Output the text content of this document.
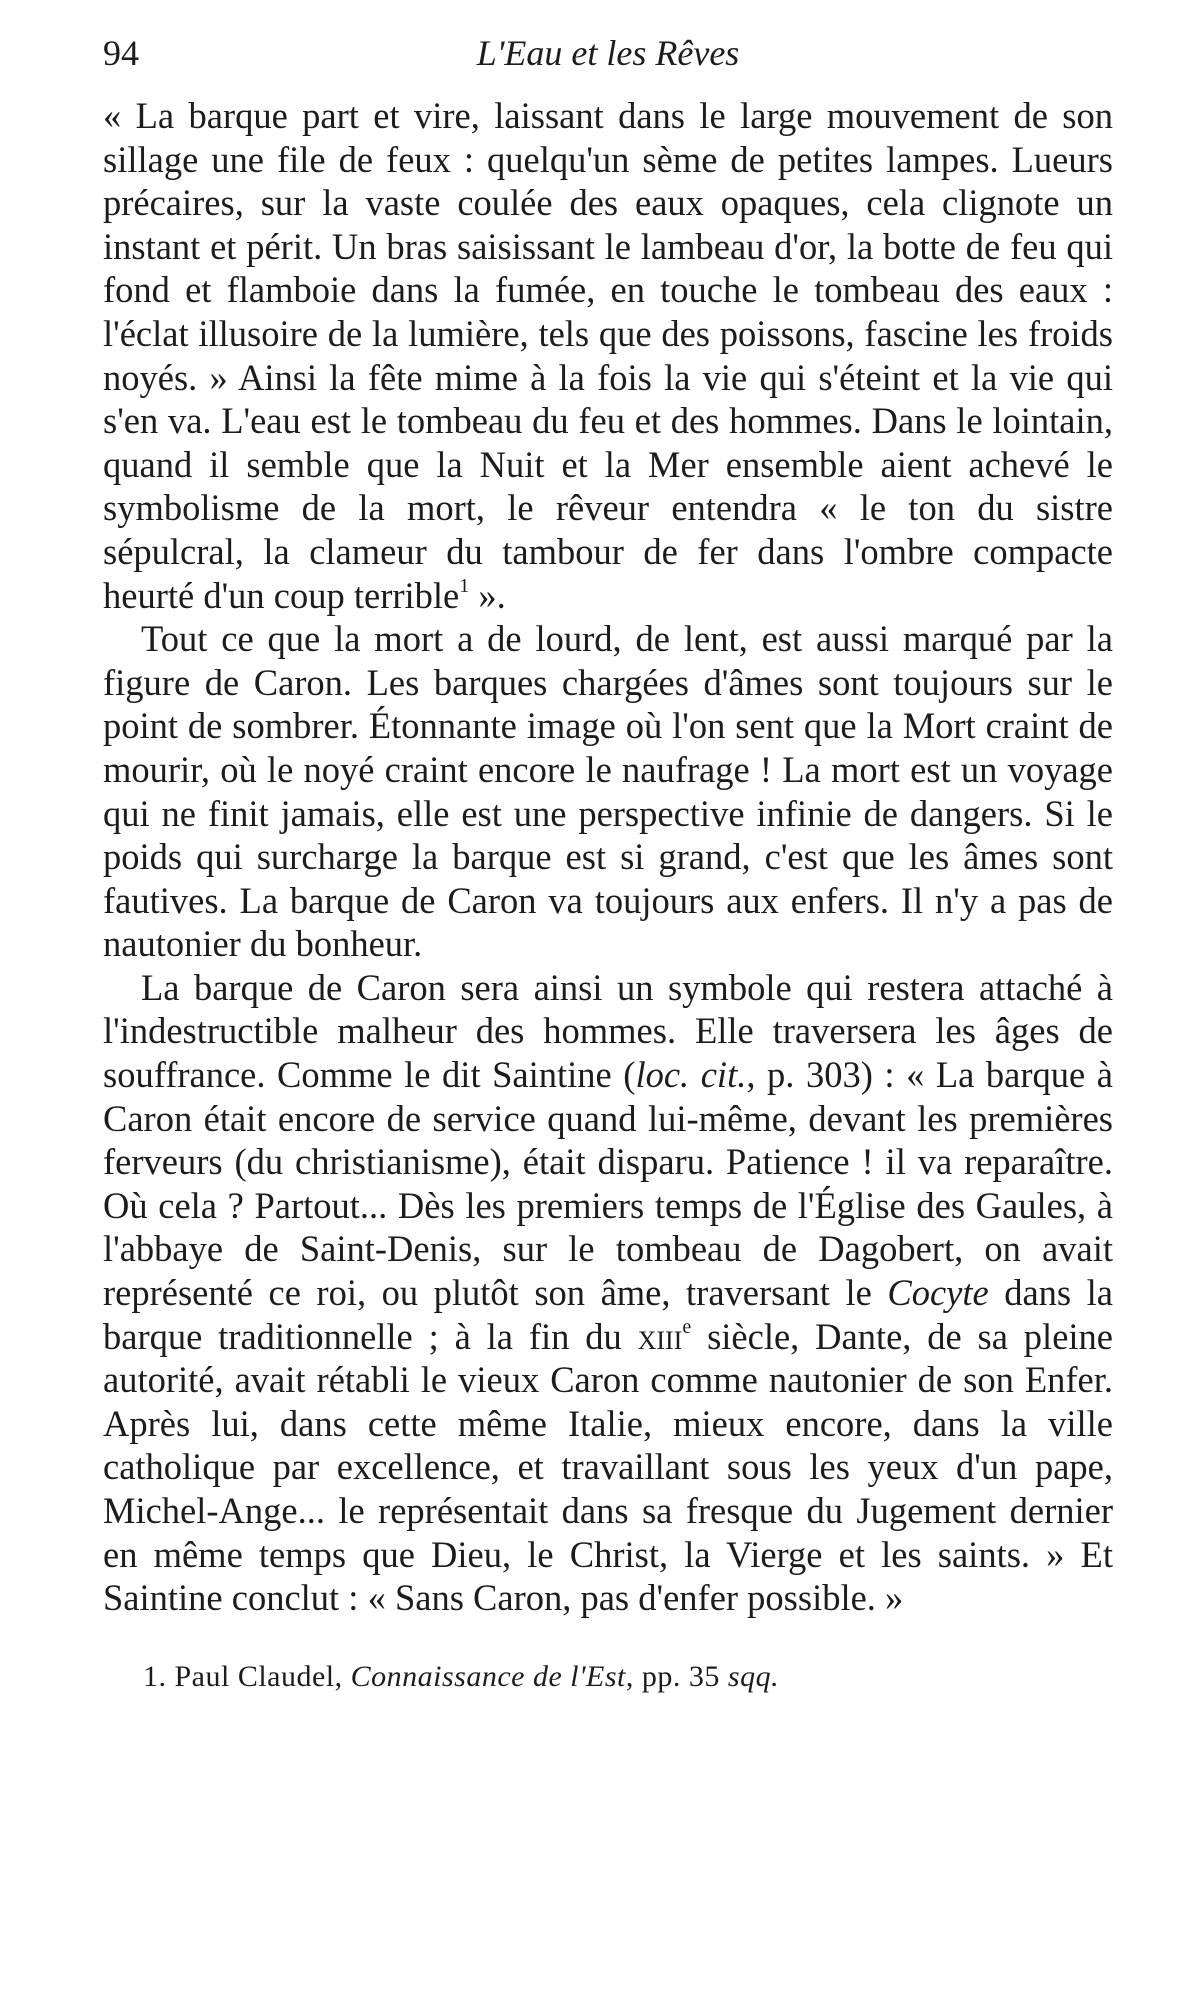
94	L'Eau et les Rêves

« La barque part et vire, laissant dans le large mouvement de son sillage une file de feux : quelqu'un sème de petites lampes. Lueurs précaires, sur la vaste coulée des eaux opaques, cela clignote un instant et périt. Un bras saisissant le lambeau d'or, la botte de feu qui fond et flamboie dans la fumée, en touche le tombeau des eaux : l'éclat illusoire de la lumière, tels que des poissons, fascine les froids noyés. » Ainsi la fête mime à la fois la vie qui s'éteint et la vie qui s'en va. L'eau est le tombeau du feu et des hommes. Dans le lointain, quand il semble que la Nuit et la Mer ensemble aient achevé le symbolisme de la mort, le rêveur entendra « le ton du sistre sépulcral, la clameur du tambour de fer dans l'ombre compacte heurté d'un coup terrible$^1$ ».

Tout ce que la mort a de lourd, de lent, est aussi marqué par la figure de Caron. Les barques chargées d'âmes sont toujours sur le point de sombrer. Étonnante image où l'on sent que la Mort craint de mourir, où le noyé craint encore le naufrage ! La mort est un voyage qui ne finit jamais, elle est une perspective infinie de dangers. Si le poids qui surcharge la barque est si grand, c'est que les âmes sont fautives. La barque de Caron va toujours aux enfers. Il n'y a pas de nautonier du bonheur.

La barque de Caron sera ainsi un symbole qui restera attaché à l'indestructible malheur des hommes. Elle traversera les âges de souffrance. Comme le dit Saintine (loc. cit., p. 303) : « La barque à Caron était encore de service quand lui-même, devant les premières ferveurs (du christianisme), était disparu. Patience ! il va reparaître. Où cela ? Partout... Dès les premiers temps de l'Église des Gaules, à l'abbaye de Saint-Denis, sur le tombeau de Dagobert, on avait représenté ce roi, ou plutôt son âme, traversant le Cocyte dans la barque traditionnelle ; à la fin du xiii$^e$ siècle, Dante, de sa pleine autorité, avait rétabli le vieux Caron comme nautonier de son Enfer. Après lui, dans cette même Italie, mieux encore, dans la ville catholique par excellence, et travaillant sous les yeux d'un pape, Michel-Ange... le représentait dans sa fresque du Jugement dernier en même temps que Dieu, le Christ, la Vierge et les saints. » Et Saintine conclut : « Sans Caron, pas d'enfer possible. »

1. Paul Claudel, Connaissance de l'Est, pp. 35 sqq.
